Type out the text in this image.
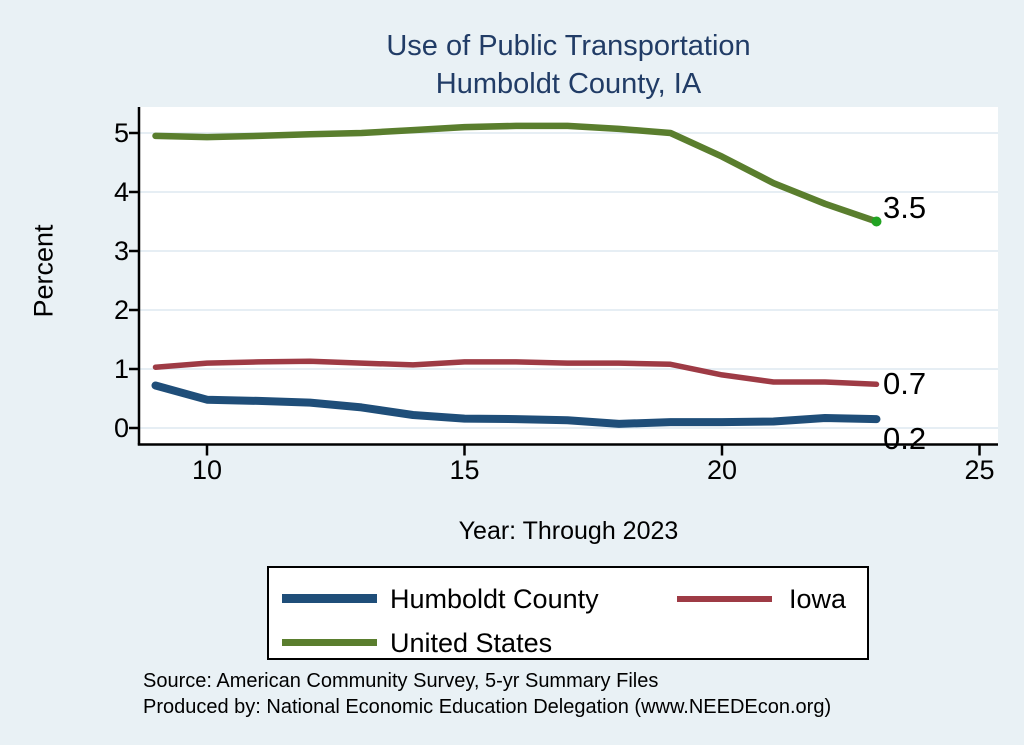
Use of Public Transportation
Humboldt County, IA
Percent
0
1
2
3
4
5
10	15	20	25
0.2
0.7
3.5
Year: Through 2023
Humboldt County	Iowa
United States
Source: American Community Survey, 5-yr Summary Files
Produced by: National Economic Education Delegation (www.NEEDEcon.org)
